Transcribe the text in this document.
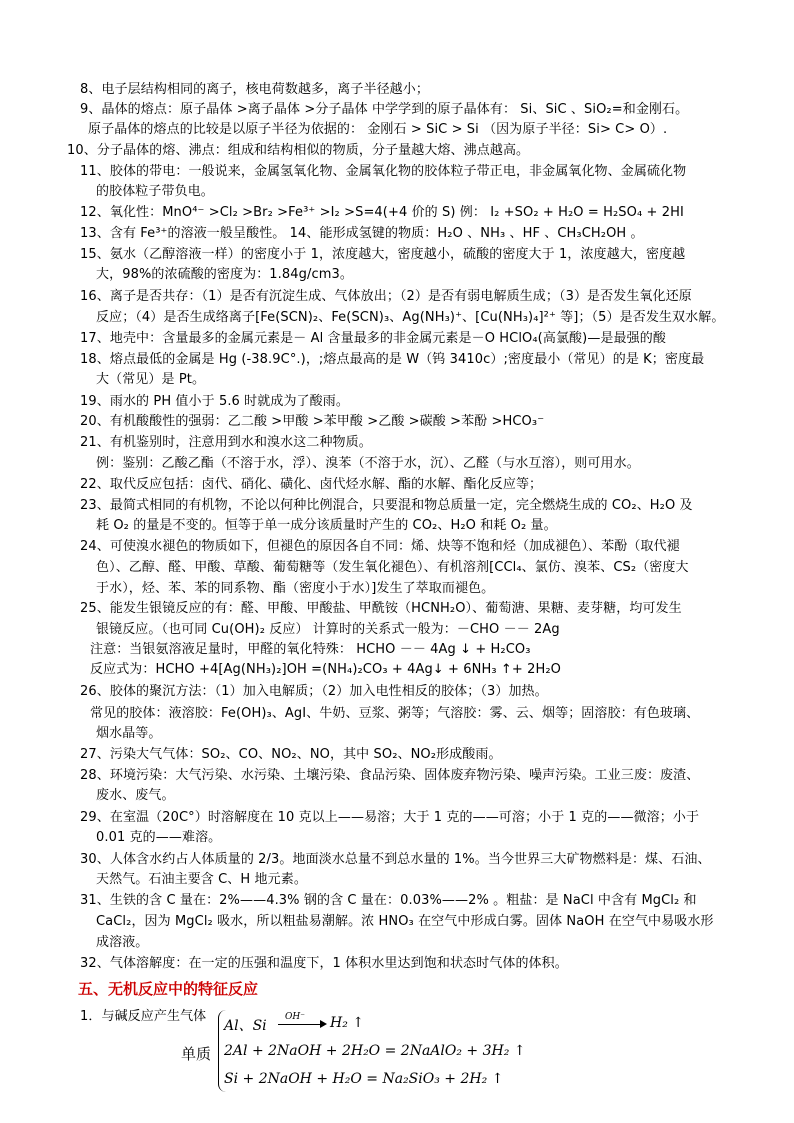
8、电子层结构相同的离子，核电荷数越多，离子半径越小；
9、晶体的熔点：原子晶体 >离子晶体 >分子晶体 中学学到的原子晶体有： Si、SiC 、SiO₂=和金刚石。
原子晶体的熔点的比较是以原子半径为依据的： 金刚石 > SiC > Si （因为原子半径：Si> C> O）.
10、分子晶体的熔、沸点：组成和结构相似的物质，分子量越大熔、沸点越高。
11、胶体的带电：一般说来，金属氢氧化物、金属氧化物的胶体粒子带正电，非金属氧化物、金属硫化物
的胶体粒子带负电。
12、氧化性：MnO⁴⁻ >Cl₂ >Br₂ >Fe³⁺ >I₂ >S=4(+4 价的 S) 例： I₂ +SO₂ + H₂O = H₂SO₄ + 2HI
13、含有 Fe³⁺的溶液一般呈酸性。 14、能形成氢键的物质：H₂O 、NH₃ 、HF 、CH₃CH₂OH 。
15、氨水（乙醇溶液一样）的密度小于 1，浓度越大，密度越小，硫酸的密度大于 1，浓度越大，密度越
大，98%的浓硫酸的密度为：1.84g/cm3。
16、离子是否共存：（1）是否有沉淀生成、气体放出；（2）是否有弱电解质生成；（3）是否发生氧化还原
反应；（4）是否生成络离子[Fe(SCN)₂、Fe(SCN)₃、Ag(NH₃)⁺、[Cu(NH₃)₄]²⁺ 等]；（5）是否发生双水解。
17、地壳中：含量最多的金属元素是－ Al 含量最多的非金属元素是－O HClO₄(高氯酸)—是最强的酸
18、熔点最低的金属是 Hg (-38.9C°.)，;熔点最高的是 W（钨 3410c）;密度最小（常见）的是 K；密度最
大（常见）是 Pt。
19、雨水的 PH 值小于 5.6 时就成为了酸雨。
20、有机酸酸性的强弱：乙二酸 >甲酸 >苯甲酸 >乙酸 >碳酸 >苯酚 >HCO₃⁻
21、有机鉴别时，注意用到水和溴水这二种物质。
例：鉴别：乙酸乙酯（不溶于水，浮）、溴苯（不溶于水，沉）、乙醛（与水互溶），则可用水。
22、取代反应包括：卤代、硝化、磺化、卤代烃水解、酯的水解、酯化反应等；
23、最简式相同的有机物，不论以何种比例混合，只要混和物总质量一定，完全燃烧生成的 CO₂、H₂O 及
耗 O₂ 的量是不变的。恒等于单一成分该质量时产生的 CO₂、H₂O 和耗 O₂ 量。
24、可使溴水褪色的物质如下，但褪色的原因各自不同：烯、炔等不饱和烃（加成褪色）、苯酚（取代褪
色）、乙醇、醛、甲酸、草酸、葡萄糖等（发生氧化褪色）、有机溶剂[CCl₄、氯仿、溴苯、CS₂（密度大
于水），烃、苯、苯的同系物、酯（密度小于水）]发生了萃取而褪色。
25、能发生银镜反应的有：醛、甲酸、甲酸盐、甲酰铵（HCNH₂O）、葡萄溏、果糖、麦芽糖，均可发生
银镜反应。（也可同 Cu(OH)₂ 反应） 计算时的关系式一般为：－CHO －－ 2Ag
注意：当银氨溶液足量时，甲醛的氧化特殊： HCHO －－ 4Ag ↓ + H₂CO₃
反应式为：HCHO +4[Ag(NH₃)₂]OH =(NH₄)₂CO₃ + 4Ag↓ + 6NH₃ ↑+ 2H₂O
26、胶体的聚沉方法：（1）加入电解质；（2）加入电性相反的胶体；（3）加热。
常见的胶体：液溶胶：Fe(OH)₃、AgI、牛奶、豆浆、粥等；气溶胶：雾、云、烟等；固溶胶：有色玻璃、
烟水晶等。
27、污染大气气体：SO₂、CO、NO₂、NO，其中 SO₂、NO₂形成酸雨。
28、环境污染：大气污染、水污染、土壤污染、食品污染、固体废弃物污染、噪声污染。工业三废：废渣、
废水、废气。
29、在室温（20C°）时溶解度在 10 克以上——易溶；大于 1 克的——可溶；小于 1 克的——微溶；小于
0.01 克的——难溶。
30、人体含水约占人体质量的 2/3。地面淡水总量不到总水量的 1%。当今世界三大矿物燃料是：煤、石油、
天然气。石油主要含 C、H 地元素。
31、生铁的含 C 量在：2%——4.3% 钢的含 C 量在：0.03%——2% 。粗盐：是 NaCl 中含有 MgCl₂ 和
CaCl₂，因为 MgCl₂ 吸水，所以粗盐易潮解。浓 HNO₃ 在空气中形成白雾。固体 NaOH 在空气中易吸水形
成溶液。
32、气体溶解度：在一定的压强和温度下，1 体积水里达到饱和状态时气体的体积。
五、无机反应中的特征反应
1．与碱反应产生气体
单质
Al、Si
OH⁻ H₂ ↑
2Al + 2NaOH + 2H₂O = 2NaAlO₂ + 3H₂ ↑
Si + 2NaOH + H₂O = Na₂SiO₃ + 2H₂ ↑
